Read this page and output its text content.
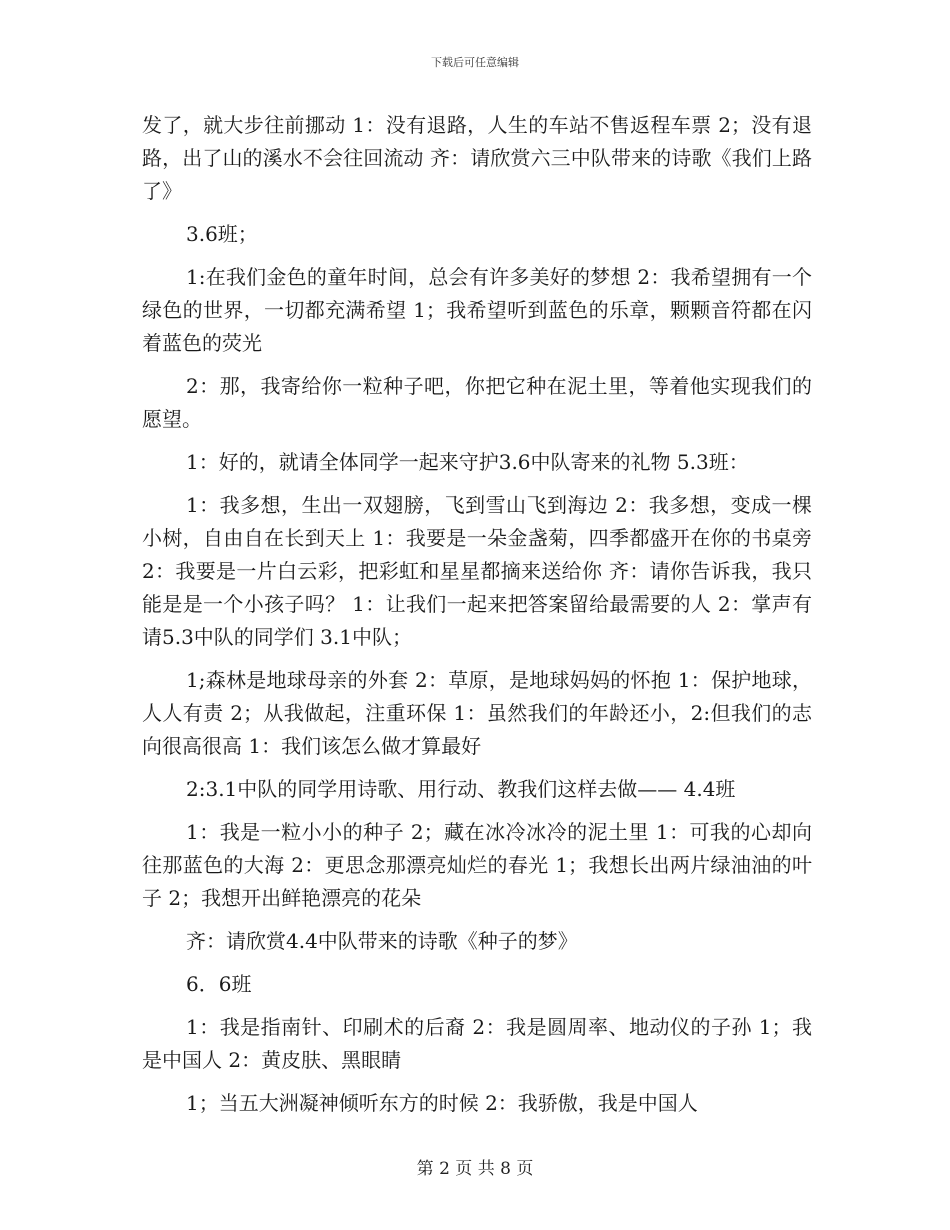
下载后可任意编辑

发了，就大步往前挪动 1：没有退路，人生的车站不售返程车票 2；没有退路，出了山的溪水不会往回流动 齐：请欣赏六三中队带来的诗歌《我们上路了》

3.6班；

1:在我们金色的童年时间，总会有许多美好的梦想 2：我希望拥有一个绿色的世界，一切都充满希望 1；我希望听到蓝色的乐章，颗颗音符都在闪着蓝色的荧光

2：那，我寄给你一粒种子吧，你把它种在泥土里，等着他实现我们的愿望。

1：好的，就请全体同学一起来守护3.6中队寄来的礼物 5.3班：

1：我多想，生出一双翅膀，飞到雪山飞到海边 2：我多想，变成一棵小树，自由自在长到天上 1：我要是一朵金盏菊，四季都盛开在你的书桌旁 2：我要是一片白云彩，把彩虹和星星都摘来送给你 齐：请你告诉我，我只能是是一个小孩子吗？ 1：让我们一起来把答案留给最需要的人 2：掌声有请5.3中队的同学们 3.1中队；

1;森林是地球母亲的外套 2：草原，是地球妈妈的怀抱 1：保护地球，人人有责 2；从我做起，注重环保 1：虽然我们的年龄还小，2:但我们的志向很高很高 1：我们该怎么做才算最好

2:3.1中队的同学用诗歌、用行动、教我们这样去做—— 4.4班

1：我是一粒小小的种子 2；藏在冰冷冰冷的泥土里 1：可我的心却向往那蓝色的大海 2：更思念那漂亮灿烂的春光 1；我想长出两片绿油油的叶子 2；我想开出鲜艳漂亮的花朵

齐：请欣赏4.4中队带来的诗歌《种子的梦》

6．6班

1：我是指南针、印刷术的后裔 2：我是圆周率、地动仪的子孙 1；我是中国人 2：黄皮肤、黑眼睛

1；当五大洲凝神倾听东方的时候 2：我骄傲，我是中国人

第 2 页 共 8 页
